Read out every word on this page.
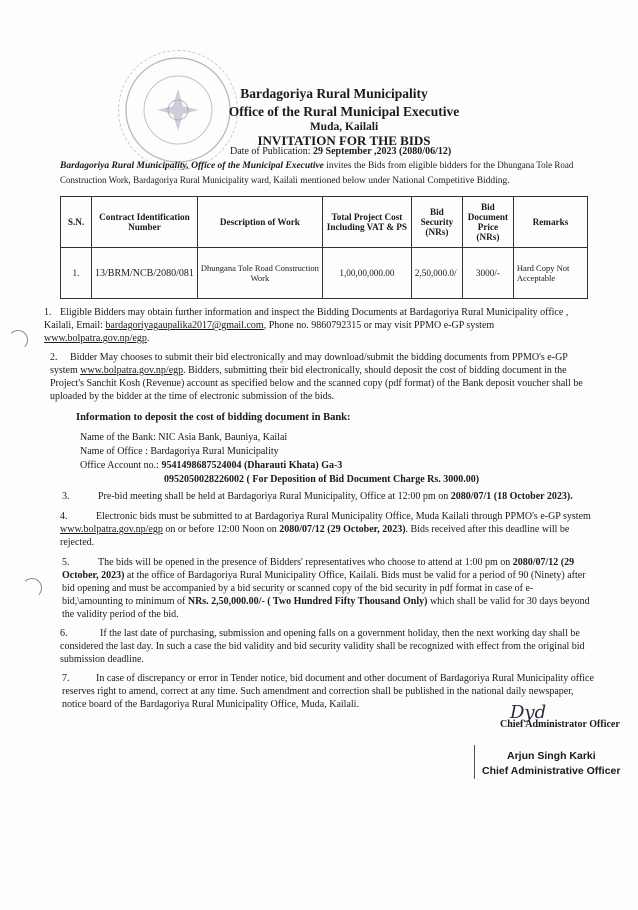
Bardagoriya Rural Municipality
Office of the Rural Municipal Executive
Muda, Kailali
INVITATION FOR THE BIDS
Date of Publication: 29 September ,2023 (2080/06/12)
Bardagoriya Rural Municipality, Office of the Municipal Executive invites the Bids from eligible bidders for the Dhungana Tole Road Construction Work, Bardagoriya Rural Municipality ward, Kailali mentioned below under National Competitive Bidding.
S.N.	Contract Identification Number	Description of Work	Total Project Cost Including VAT & PS	Bid Security (NRs)	Bid Document Price (NRs)	Remarks
1.	13/BRM/NCB/2080/081	Dhungana Tole Road Construction Work	1,00,00,000.00	2,50,000.0/	3000/-	Hard Copy Not Acceptable
1. Eligible Bidders may obtain further information and inspect the Bidding Documents at Bardagoriya Rural Municipality office , Kailali, Email: bardagoriyagaupalika2017@gmail.com, Phone no. 9860792315 or may visit PPMO e-GP system www.bolpatra.gov.np/egp.
2. Bidder May chooses to submit their bid electronically and may download/submit the bidding documents from PPMO's e-GP system www.bolpatra.gov.np/egp. Bidders, submitting their bid electronically, should deposit the cost of bidding document in the Project's Sanchit Kosh (Revenue) account as specified below and the scanned copy (pdf format) of the Bank deposit voucher shall be uploaded by the bidder at the time of electronic submission of the bids.
Information to deposit the cost of bidding document in Bank:
Name of the Bank: NIC Asia Bank, Bauniya, Kailai
Name of Office : Bardagoriya Rural Municipality
Office Account no.: 9541498687524004 (Dharauti Khata) Ga-3
0952050028226002 ( For Deposition of Bid Document Charge Rs. 3000.00)
3.	Pre-bid meeting shall be held at Bardagoriya Rural Municipality, Office at 12:00 pm on 2080/07/1 (18 October 2023).
4.	Electronic bids must be submitted to at Bardagoriya Rural Municipality Office, Muda Kailali through PPMO's e-GP system www.bolpatra.gov.np/egp on or before 12:00 Noon on 2080/07/12 (29 October, 2023). Bids received after this deadline will be rejected.
5.	The bids will be opened in the presence of Bidders' representatives who choose to attend at 1:00 pm on 2080/07/12 (29 October, 2023) at the office of Bardagoriya Rural Municipality Office, Kailali. Bids must be valid for a period of 90 (Ninety) after bid opening and must be accompanied by a bid security or scanned copy of the bid security in pdf format in case of e-bid,\amounting to minimum of NRs. 2,50,000.00/- ( Two Hundred Fifty Thousand Only) which shall be valid for 30 days beyond the validity period of the bid.
6.	If the last date of purchasing, submission and opening falls on a government holiday, then the next working day shall be considered the last day. In such a case the bid validity and bid security validity shall be recognized with effect from the original bid submission deadline.
7.	In case of discrepancy or error in Tender notice, bid document and other document of Bardagoriya Rural Municipality office reserves right to amend, correct at any time. Such amendment and correction shall be published in the national daily newspaper, notice board of the Bardagoriya Rural Municipality Office, Muda, Kailali.	Dyd
Chief Administrator Officer
Arjun Singh Karki
Chief Administrative Officer
